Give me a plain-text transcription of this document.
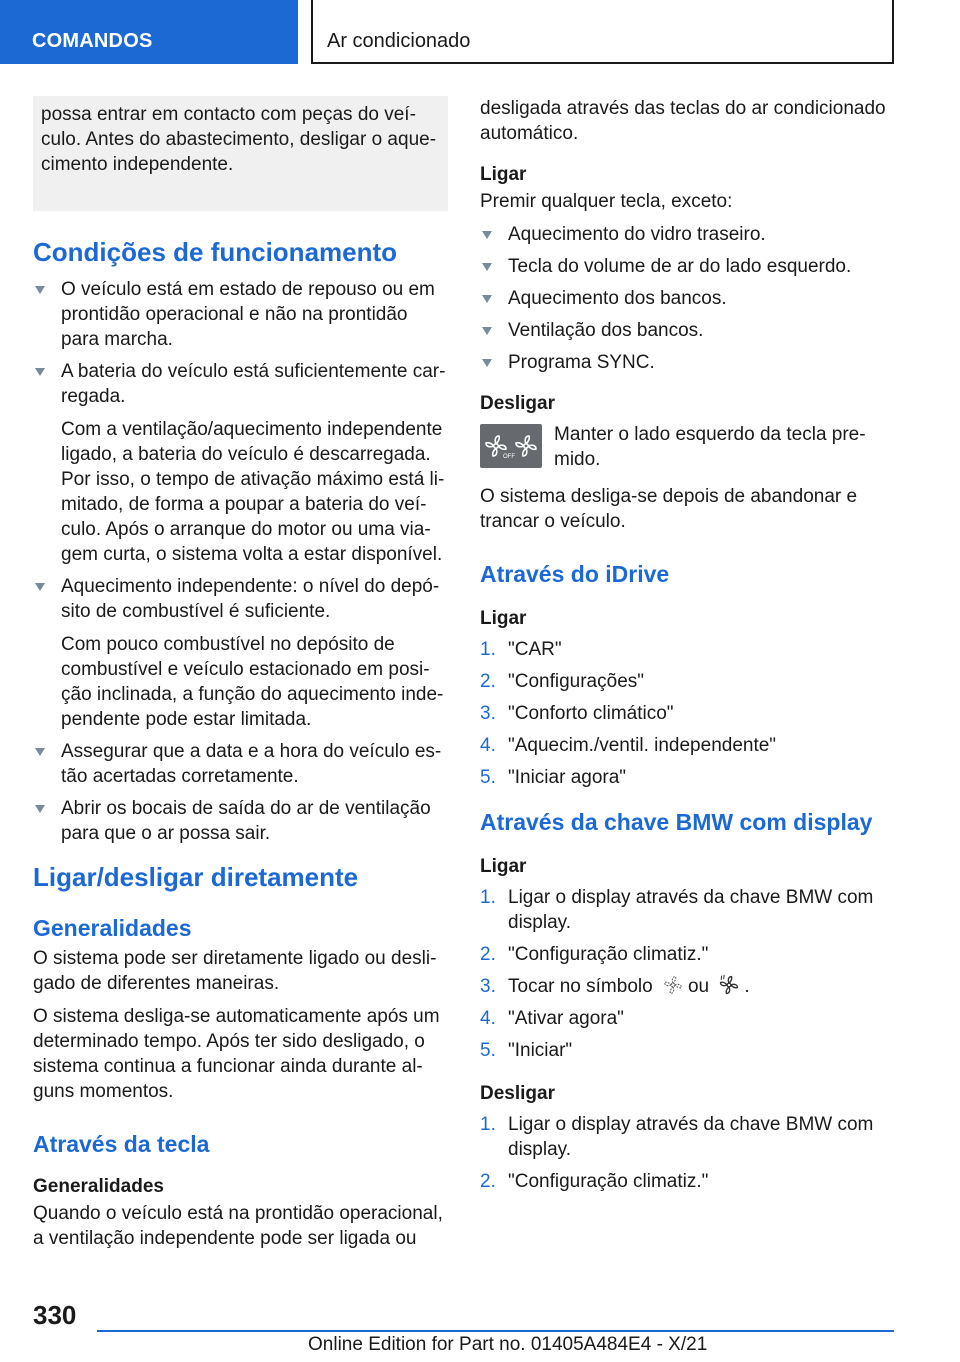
COMANDOS	Ar condicionado

possa entrar em contacto com peças do veí-culo. Antes do abastecimento, desligar o aque-cimento independente.

Condições de funcionamento
O veículo está em estado de repouso ou em prontidão operacional e não na prontidão para marcha.
A bateria do veículo está suficientemente car-regada.

Com a ventilação/aquecimento independente ligado, a bateria do veículo é descarregada. Por isso, o tempo de ativação máximo está li-mitado, de forma a poupar a bateria do veí-culo. Após o arranque do motor ou uma via-gem curta, o sistema volta a estar disponível.

Aquecimento independente: o nível do depó-sito de combustível é suficiente.

Com pouco combustível no depósito de combustível e veículo estacionado em posi-ção inclinada, a função do aquecimento inde-pendente pode estar limitada.

Assegurar que a data e a hora do veículo es-tão acertadas corretamente.
Abrir os bocais de saída do ar de ventilação para que o ar possa sair.
Ligar/desligar diretamente
Generalidades

O sistema pode ser diretamente ligado ou desli-gado de diferentes maneiras.

O sistema desliga-se automaticamente após um determinado tempo. Após ter sido desligado, o sistema continua a funcionar ainda durante al-guns momentos.

Através da tecla
Generalidades

Quando o veículo está na prontidão operacional, a ventilação independente pode ser ligada ou

desligada através das teclas do ar condicionado automático.

Ligar

Premir qualquer tecla, exceto:

Aquecimento do vidro traseiro.
Tecla do volume de ar do lado esquerdo.
Aquecimento dos bancos.
Ventilação dos bancos.
Programa SYNC.
Desligar
OFF

Manter o lado esquerdo da tecla pre-mido.

O sistema desliga-se depois de abandonar e trancar o veículo.

Através do iDrive
Ligar
1. "CAR"
2. "Configurações"
3. "Conforto climático"
4. "Aquecim./ventil. independente"
5. "Iniciar agora"
Através da chave BMW com display
Ligar
1. Ligar o display através da chave BMW com display.
2. "Configuração climatiz."
3. Tocar no símbolo ou .
4. "Ativar agora"
5. "Iniciar"
Desligar
1. Ligar o display através da chave BMW com display.
2. "Configuração climatiz."
330
Online Edition for Part no. 01405A484E4 - X/21
